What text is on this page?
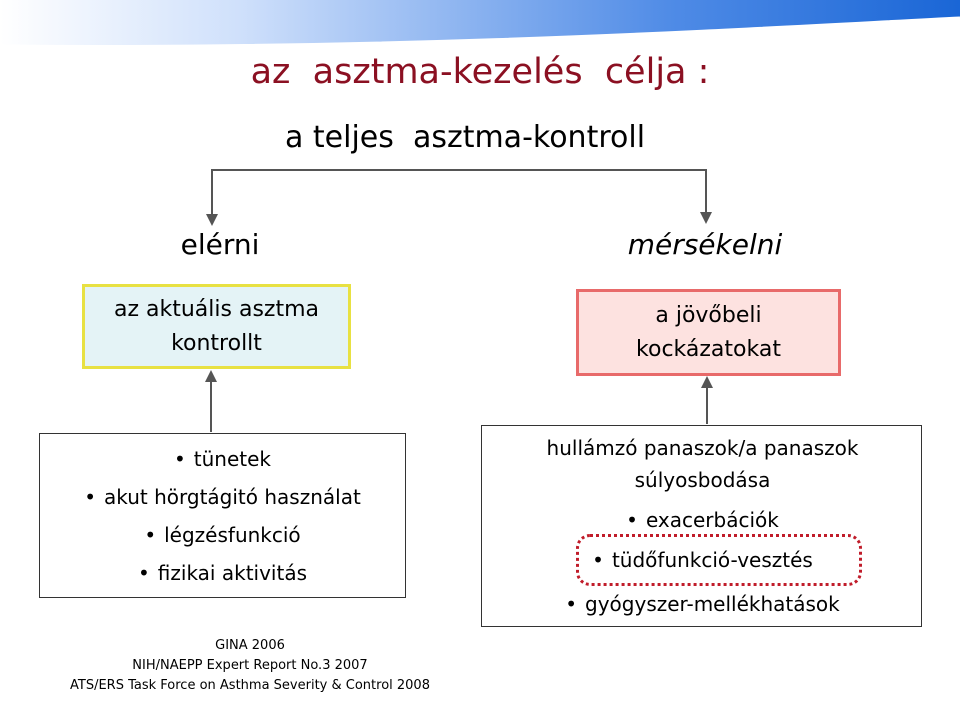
az  asztma-kezelés  célja :
a teljes  asztma-kontroll
elérni	mérsékelni
az aktuális asztma
kontrollt
a jövőbeli
kockázatokat
• tünetek
• akut hörgtágitó használat
• légzésfunkció
• fizikai aktivitás
hullámzó panaszok/a panaszok
súlyosbodása
• exacerbációk
• tüdőfunkció-vesztés
• gyógyszer-mellékhatások
GINA 2006
NIH/NAEPP Expert Report No.3 2007
ATS/ERS Task Force on Asthma Severity & Control 2008
